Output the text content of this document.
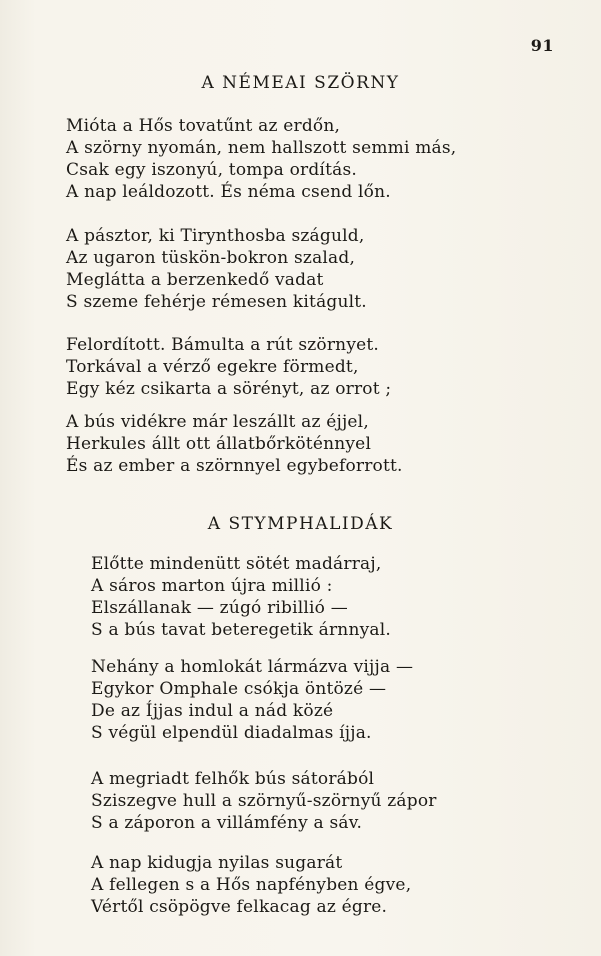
91
A NÉMEAI SZÖRNY
Mióta a Hős tovatűnt az erdőn,
A szörny nyomán, nem hallszott semmi más,
Csak egy iszonyú, tompa ordítás.
A nap leáldozott. És néma csend lőn.
A pásztor, ki Tirynthosba száguld,
Az ugaron tüskön-bokron szalad,
Meglátta a berzenkedő vadat
S szeme fehérje rémesen kitágult.
Felordított. Bámulta a rút szörnyet.
Torkával a vérző egekre förmedt,
Egy kéz csikarta a sörényt, az orrot ;
A bús vidékre már leszállt az éjjel,
Herkules állt ott állatbőrköténnyel
És az ember a szörnnyel egybeforrott.
A STYMPHALIDÁK
Előtte mindenütt sötét madárraj,
A sáros marton újra millió :
Elszállanak — zúgó ribillió —
S a bús tavat beteregetik árnnyal.
Nehány a homlokát lármázva vijja —
Egykor Omphale csókja öntözé —
De az Íjjas indul a nád közé
S végül elpendül diadalmas íjja.
A megriadt felhők bús sátorából
Sziszegve hull a szörnyű-szörnyű zápor
S a záporon a villámfény a sáv.
A nap kidugja nyilas sugarát
A fellegen s a Hős napfényben égve,
Vértől csöpögve felkacag az égre.
